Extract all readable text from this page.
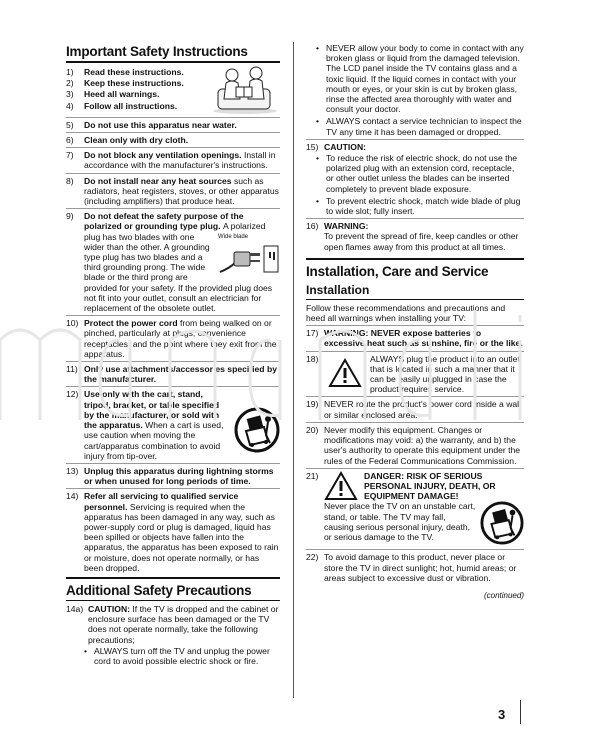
Important Safety Instructions
1)	Read these instructions.
2)	Keep these instructions.
3)	Heed all warnings.
4)	Follow all instructions.
5)	Do not use this apparatus near water.
6)	Clean only with dry cloth.
7)	Do not block any ventilation openings. Install in accordance with the manufacturer's instructions.
8)	Do not install near any heat sources such as radiators, heat registers, stoves, or other apparatus (including amplifiers) that produce heat.
9)	Do not defeat the safety purpose of the polarized or grounding type plug.
Wide blade
A polarized plug has two blades with one wider than the other. A grounding type plug has two blades and a third grounding prong. The wide blade or the third prong are provided for your safety. If the provided plug does not fit into your outlet, consult an electrician for replacement of the obsolete outlet.
10) Protect the power cord from being walked on or pinched, particularly at plugs, convenience receptacles, and the point where they exit from the apparatus.
11) Only use attachments/accessories specified by the manufacturer.
12) Use only with the cart, stand, tripod, bracket, or table specified by the manufacturer, or sold with the apparatus. When a cart is used, use caution when moving the cart/apparatus combination to avoid injury from tip-over.
13) Unplug this apparatus during lightning storms or when unused for long periods of time.
14) Refer all servicing to qualified service personnel. Servicing is required when the apparatus has been damaged in any way, such as power-supply cord or plug is damaged, liquid has been spilled or objects have fallen into the apparatus, the apparatus has been exposed to rain or moisture, does not operate normally, or has been dropped.
Additional Safety Precautions
14a) CAUTION: If the TV is dropped and the cabinet or enclosure surface has been damaged or the TV does not operate normally, take the following precautions;
• ALWAYS turn off the TV and unplug the power cord to avoid possible electric shock or fire.
• NEVER allow your body to come in contact with any broken glass or liquid from the damaged television. The LCD panel inside the TV contains glass and a toxic liquid. If the liquid comes in contact with your mouth or eyes, or your skin is cut by broken glass, rinse the affected area thoroughly with water and consult your doctor.
• ALWAYS contact a service technician to inspect the TV any time it has been damaged or dropped.
15) CAUTION:
• To reduce the risk of electric shock, do not use the polarized plug with an extension cord, receptacle, or other outlet unless the blades can be inserted completely to prevent blade exposure.
• To prevent electric shock, match wide blade of plug to wide slot; fully insert.
16) WARNING:
To prevent the spread of fire, keep candles or other open flames away from this product at all times.
Installation, Care and Service
Installation
Follow these recommendations and precautions and heed all warnings when installing your TV:
17) WARNING: NEVER expose batteries to excessive heat such as sunshine, fire or the like.
18)	ALWAYS plug the product into an outlet that is located in such a manner that it can be easily unplugged in case the product requires service.
19) NEVER route the product's power cord inside a wall or similar enclosed area.
20) Never modify this equipment. Changes or modifications may void: a) the warranty, and b) the user's authority to operate this equipment under the rules of the Federal Communications Commission.
21)	DANGER: RISK OF SERIOUS PERSONAL INJURY, DEATH, OR EQUIPMENT DAMAGE!
Never place the TV on an unstable cart, stand, or table. The TV may fall, causing serious personal injury, death, or serious damage to the TV.
22) To avoid damage to this product, never place or store the TV in direct sunlight; hot, humid areas; or areas subject to excessive dust or vibration.
(continued)
3
